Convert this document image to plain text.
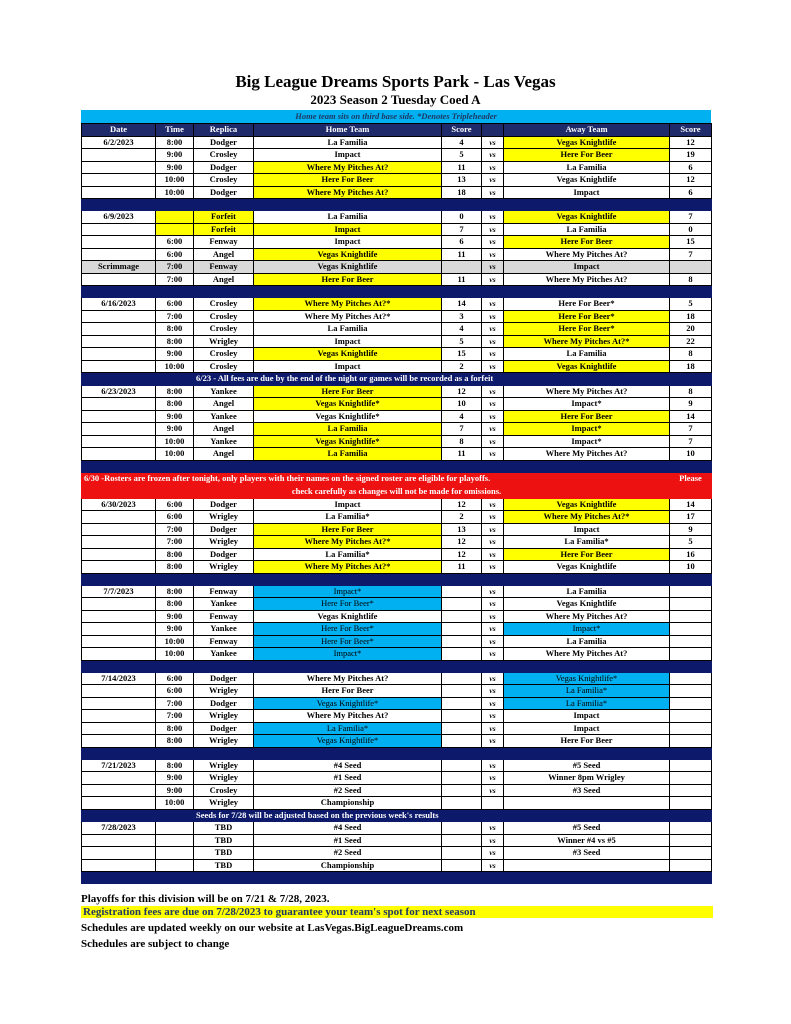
Big League Dreams Sports Park - Las Vegas
2023 Season 2 Tuesday Coed A
Home team sits on third base side. *Denotes Tripleheader
Date	Time	Replica	Home Team	Score		Away Team	Score
6/2/2023	8:00	Dodger	La Familia	4	vs	Vegas Knightlife	12
	9:00	Crosley	Impact	5	vs	Here For Beer	19
	9:00	Dodger	Where My Pitches At?	11	vs	La Familia	6
	10:00	Crosley	Here For Beer	13	vs	Vegas Knightlife	12
	10:00	Dodger	Where My Pitches At?	18	vs	Impact	6

6/9/2023		Forfeit	La Familia	0	vs	Vegas Knightlife	7
		Forfeit	Impact	7	vs	La Familia	0
	6:00	Fenway	Impact	6	vs	Here For Beer	15
	6:00	Angel	Vegas Knightlife	11	vs	Where My Pitches At?	7
Scrimmage	7:00	Fenway	Vegas Knightlife		vs	Impact	
	7:00	Angel	Here For Beer	11	vs	Where My Pitches At?	8

6/16/2023	6:00	Crosley	Where My Pitches At?*	14	vs	Here For Beer*	5
	7:00	Crosley	Where My Pitches At?*	3	vs	Here For Beer*	18
	8:00	Crosley	La Familia	4	vs	Here For Beer*	20
	8:00	Wrigley	Impact	5	vs	Where My Pitches At?*	22
	9:00	Crosley	Vegas Knightlife	15	vs	La Familia	8
	10:00	Crosley	Impact	2	vs	Vegas Knightlife	18
		6/23 - All fees are due by the end of the night or games will be recorded as a forfeit					
6/23/2023	8:00	Yankee	Here For Beer	12	vs	Where My Pitches At?	8
	8:00	Angel	Vegas Knightlife*	10	vs	Impact*	9
	9:00	Yankee	Vegas Knightlife*	4	vs	Here For Beer	14
	9:00	Angel	La Familia	7	vs	Impact*	7
	10:00	Yankee	Vegas Knightlife*	8	vs	Impact*	7
	10:00	Angel	La Familia	11	vs	Where My Pitches At?	10

6/30 -Rosters are frozen after tonight, only players with their names on the signed roster are eligible for playoffs.							Please
check carefully as changes will not be made for omissions.							
6/30/2023	6:00	Dodger	Impact	12	vs	Vegas Knightlife	14
	6:00	Wrigley	La Familia*	2	vs	Where My Pitches At?*	17
	7:00	Dodger	Here For Beer	13	vs	Impact	9
	7:00	Wrigley	Where My Pitches At?*	12	vs	La Familia*	5
	8:00	Dodger	La Familia*	12	vs	Here For Beer	16
	8:00	Wrigley	Where My Pitches At?*	11	vs	Vegas Knightlife	10

7/7/2023	8:00	Fenway	Impact*		vs	La Familia	
	8:00	Yankee	Here For Beer*		vs	Vegas Knightlife	
	9:00	Fenway	Vegas Knightlife		vs	Where My Pitches At?	
	9:00	Yankee	Here For Beer*		vs	Impact*	
	10:00	Fenway	Here For Beer*		vs	La Familia	
	10:00	Yankee	Impact*		vs	Where My Pitches At?	

7/14/2023	6:00	Dodger	Where My Pitches At?		vs	Vegas Knightlife*	
	6:00	Wrigley	Here For Beer		vs	La Familia*	
	7:00	Dodger	Vegas Knightlife*		vs	La Familia*	
	7:00	Wrigley	Where My Pitches At?		vs	Impact	
	8:00	Dodger	La Familia*		vs	Impact	
	8:00	Wrigley	Vegas Knightlife*		vs	Here For Beer	

7/21/2023	8:00	Wrigley	#4 Seed		vs	#5 Seed	
	9:00	Wrigley	#1 Seed		vs	Winner 8pm Wrigley	
	9:00	Crosley	#2 Seed		vs	#3 Seed	
	10:00	Wrigley	Championship				
		Seeds for 7/28 will be adjusted based on the previous week's results					
7/28/2023		TBD	#4 Seed		vs	#5 Seed	
		TBD	#1 Seed		vs	Winner #4 vs #5	
		TBD	#2 Seed		vs	#3 Seed	
		TBD	Championship		vs		

Playoffs for this division will be on 7/21 & 7/28, 2023.
Registration fees are due on 7/28/2023 to guarantee your team's spot for next season
Schedules are updated weekly on our website at LasVegas.BigLeagueDreams.com
Schedules are subject to change
